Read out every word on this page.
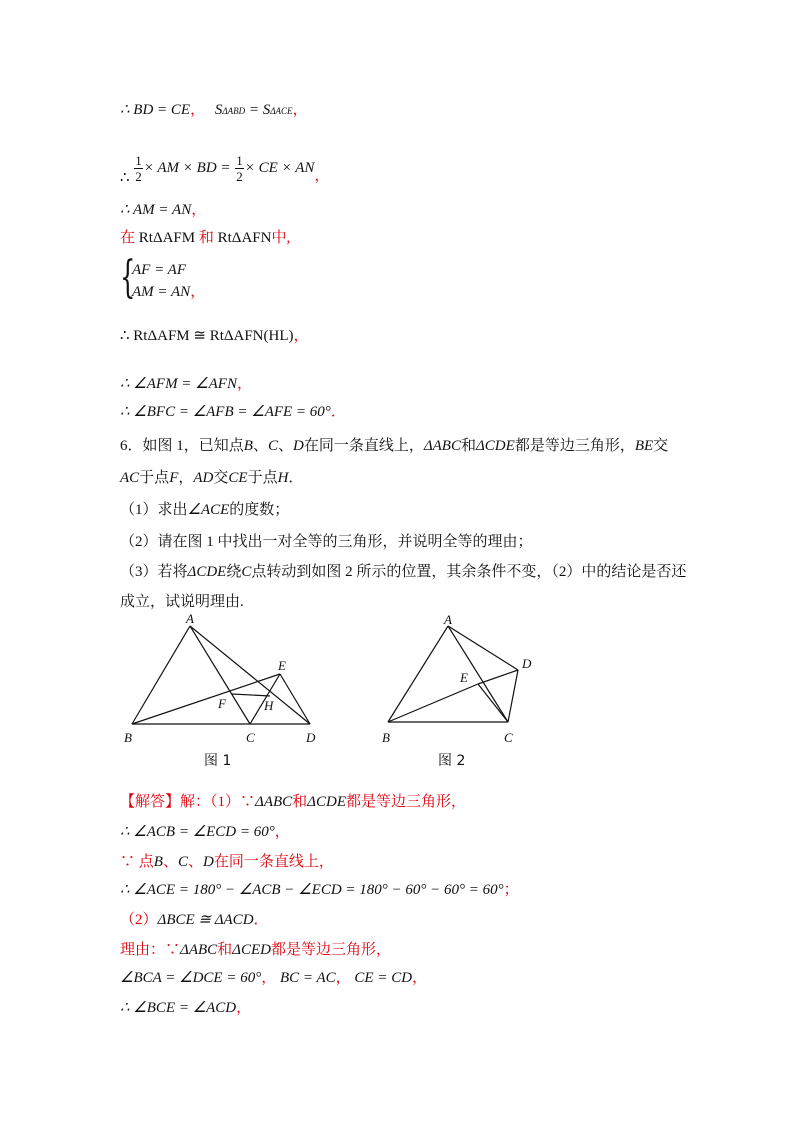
∴ BD = CE， SΔABD = SΔACE，
∴ $\frac{1}{2}$ × AM × BD = $\frac{1}{2}$ × CE × AN，
∴ AM = AN，
在 RtΔAFM 和 RtΔAFN中,
{
AF = AF
AM = AN，
∴ RtΔAFM ≅ RtΔAFN(HL)，
∴ ∠AFM = ∠AFN，
∴ ∠BFC = ∠AFB = ∠AFE = 60°．
6．如图 1，已知点B、C、D在同一条直线上，ΔABC和ΔCDE都是等边三角形，BE交
AC于点F，AD交CE于点H．
（1）求出∠ACE的度数；
（2）请在图 1 中找出一对全等的三角形，并说明全等的理由；
（3）若将ΔCDE绕C点转动到如图 2 所示的位置，其余条件不变，（2）中的结论是否还
成立，试说明理由.
A
B	C	D
E
F	H
图 1
A
B	C
D
E
图 2
【解答】解：（1）∵ΔABC和ΔCDE都是等边三角形，
∴ ∠ACB = ∠ECD = 60°，
∵ 点B、C、D在同一条直线上，
∴ ∠ACE = 180° − ∠ACB − ∠ECD = 180° − 60° − 60° = 60°；
（2）ΔBCE ≅ ΔACD．
理由：∵ΔABC和ΔCED都是等边三角形，
∠BCA = ∠DCE = 60°， BC = AC， CE = CD，
∴ ∠BCE = ∠ACD，
